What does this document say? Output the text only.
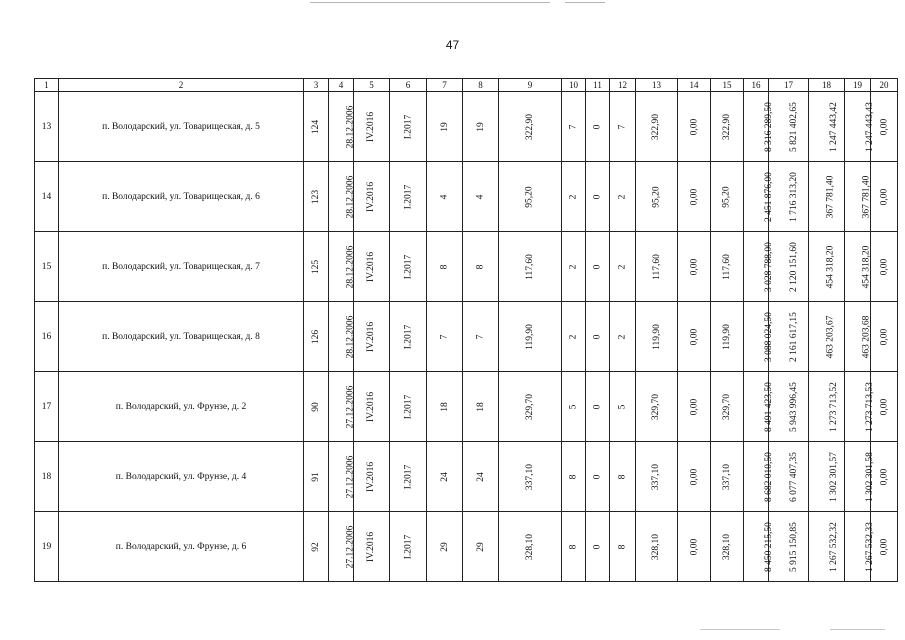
47
1	2	3	4	5	6	7	8	9	10	11	12	13	14	15	16	17	18	19	20
13	п. Володарский, ул. Товарищеская, д. 5	124	28.12.2006	IV.2016	I.2017	19	19	322,90	7	0	7	322,90	0,00	322,90	8 316 289,50	5 821 402,65	1 247 443,42	1 247 443,43	0,00
14	п. Володарский, ул. Товарищеская, д. 6	123	28.12.2006	IV.2016	I.2017	4	4	95,20	2	0	2	95,20	0,00	95,20	2 451 876,00	1 716 313,20	367 781,40	367 781,40	0,00
15	п. Володарский, ул. Товарищеская, д. 7	125	28.12.2006	IV.2016	I.2017	8	8	117,60	2	0	2	117,60	0,00	117,60	3 028 788,00	2 120 151,60	454 318,20	454 318,20	0,00
16	п. Володарский, ул. Товарищеская, д. 8	126	28.12.2006	IV.2016	I.2017	7	7	119,90	2	0	2	119,90	0,00	119,90	3 088 024,50	2 161 617,15	463 203,67	463 203,68	0,00
17	п. Володарский, ул. Фрунзе, д. 2	90	27.12.2006	IV.2016	I.2017	18	18	329,70	5	0	5	329,70	0,00	329,70	8 491 423,50	5 943 996,45	1 273 713,52	1 273 713,53	0,00
18	п. Володарский, ул. Фрунзе, д. 4	91	27.12.2006	IV.2016	I.2017	24	24	337,10	8	0	8	337,10	0,00	337,10	8 682 010,50	6 077 407,35	1 302 301,57	1 302 301,58	0,00
19	п. Володарский, ул. Фрунзе, д. 6	92	27.12.2006	IV.2016	I.2017	29	29	328,10	8	0	8	328,10	0,00	328,10	8 450 215,50	5 915 150,85	1 267 532,32	1 267 532,33	0,00
